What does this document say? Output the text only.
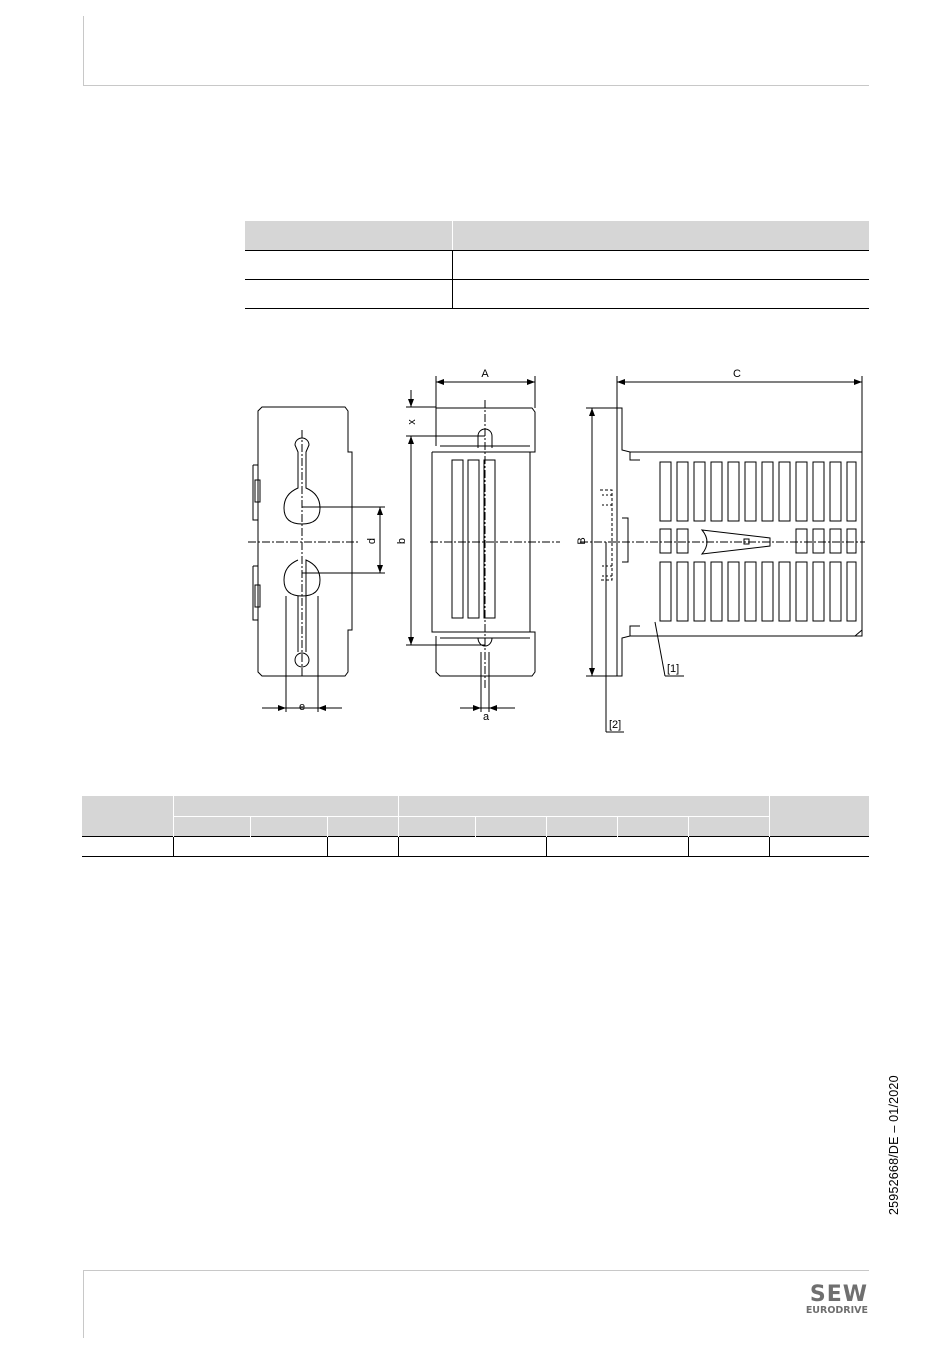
A	C
x
b	B
d
e
a
[1]
[2]

25952668/DE – 01/2020
SEW
EURODRIVE
